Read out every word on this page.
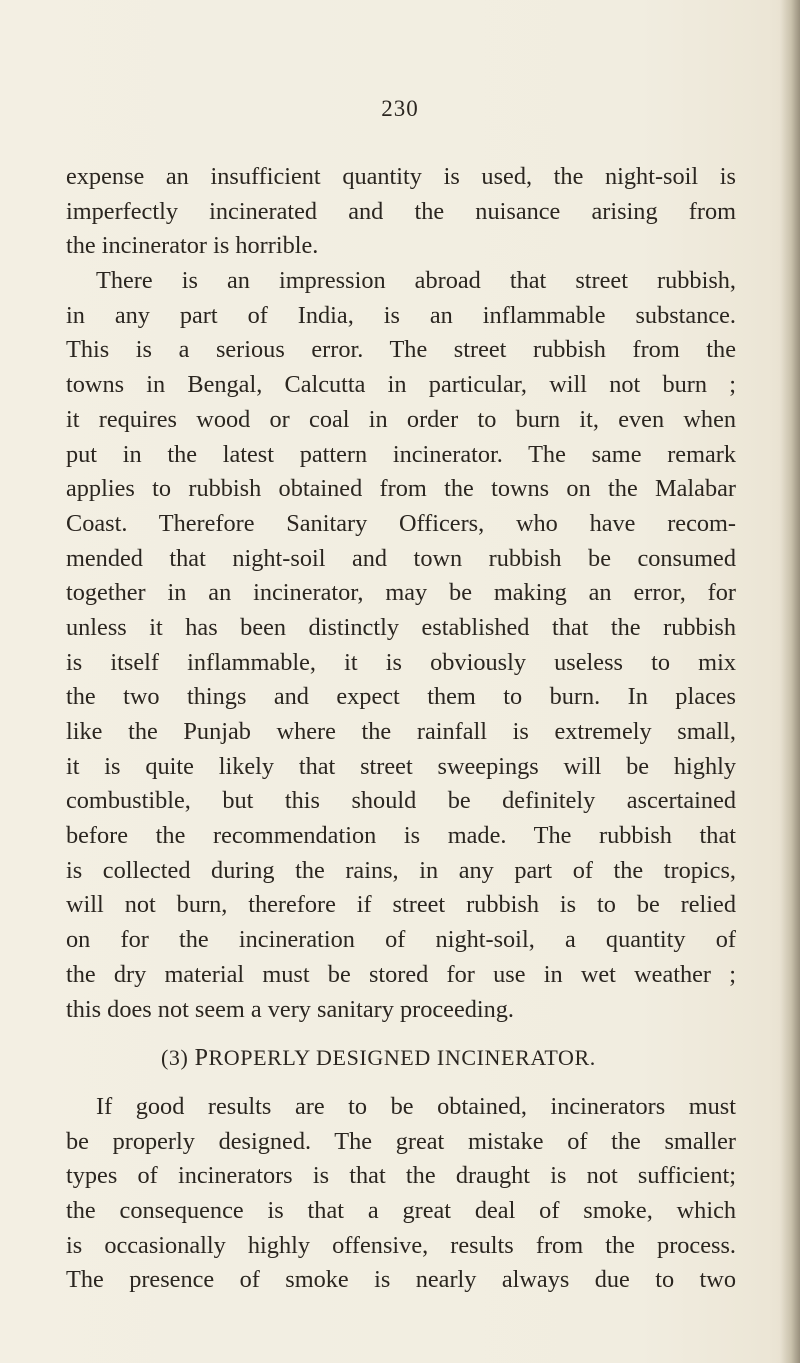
230
expense an insufficient quantity is used, the night-soil is
imperfectly incinerated and the nuisance arising from
the incinerator is horrible.
There is an impression abroad that street rubbish,
in any part of India, is an inflammable substance.
This is a serious error. The street rubbish from the
towns in Bengal, Calcutta in particular, will not burn ;
it requires wood or coal in order to burn it, even when
put in the latest pattern incinerator. The same remark
applies to rubbish obtained from the towns on the Malabar
Coast. Therefore Sanitary Officers, who have recom-
mended that night-soil and town rubbish be consumed
together in an incinerator, may be making an error, for
unless it has been distinctly established that the rubbish
is itself inflammable, it is obviously useless to mix
the two things and expect them to burn. In places
like the Punjab where the rainfall is extremely small,
it is quite likely that street sweepings will be highly
combustible, but this should be definitely ascertained
before the recommendation is made. The rubbish that
is collected during the rains, in any part of the tropics,
will not burn, therefore if street rubbish is to be relied
on for the incineration of night-soil, a quantity of
the dry material must be stored for use in wet weather ;
this does not seem a very sanitary proceeding.
(3) PROPERLY DESIGNED INCINERATOR.
If good results are to be obtained, incinerators must
be properly designed. The great mistake of the smaller
types of incinerators is that the draught is not sufficient;
the consequence is that a great deal of smoke, which
is occasionally highly offensive, results from the process.
The presence of smoke is nearly always due to two
